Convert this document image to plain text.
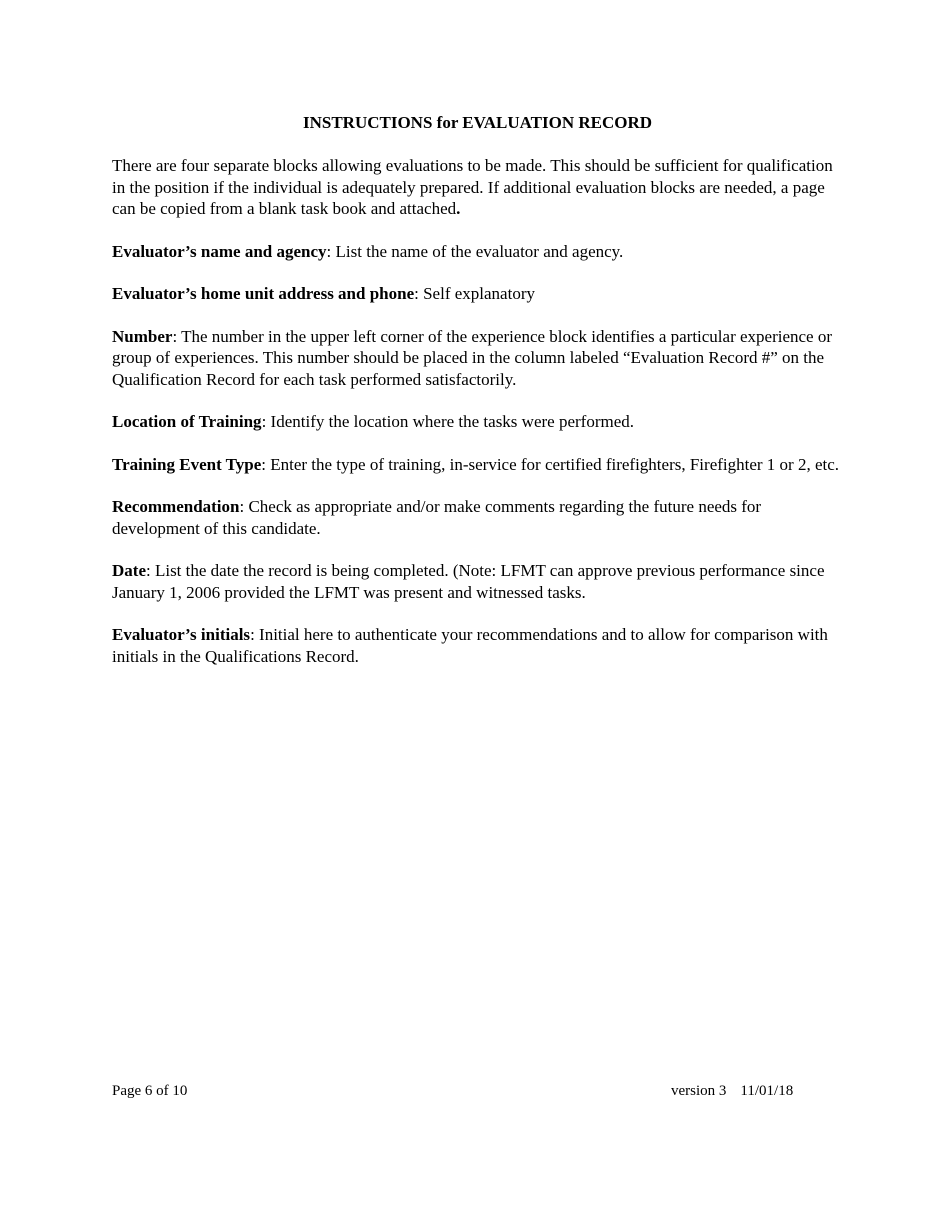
INSTRUCTIONS for EVALUATION RECORD

There are four separate blocks allowing evaluations to be made. This should be sufficient for qualification in the position if the individual is adequately prepared. If additional evaluation blocks are needed, a page can be copied from a blank task book and attached.

Evaluator’s name and agency: List the name of the evaluator and agency.

Evaluator’s home unit address and phone: Self explanatory

Number: The number in the upper left corner of the experience block identifies a particular experience or group of experiences. This number should be placed in the column labeled “Evaluation Record #” on the Qualification Record for each task performed satisfactorily.

Location of Training: Identify the location where the tasks were performed.

Training Event Type: Enter the type of training, in-service for certified firefighters, Firefighter 1 or 2, etc.

Recommendation: Check as appropriate and/or make comments regarding the future needs for development of this candidate.

Date: List the date the record is being completed. (Note: LFMT can approve previous performance since January 1, 2006 provided the LFMT was present and witnessed tasks.

Evaluator’s initials: Initial here to authenticate your recommendations and to allow for comparison with initials in the Qualifications Record.

Page 6 of 10	version 3 11/01/18
